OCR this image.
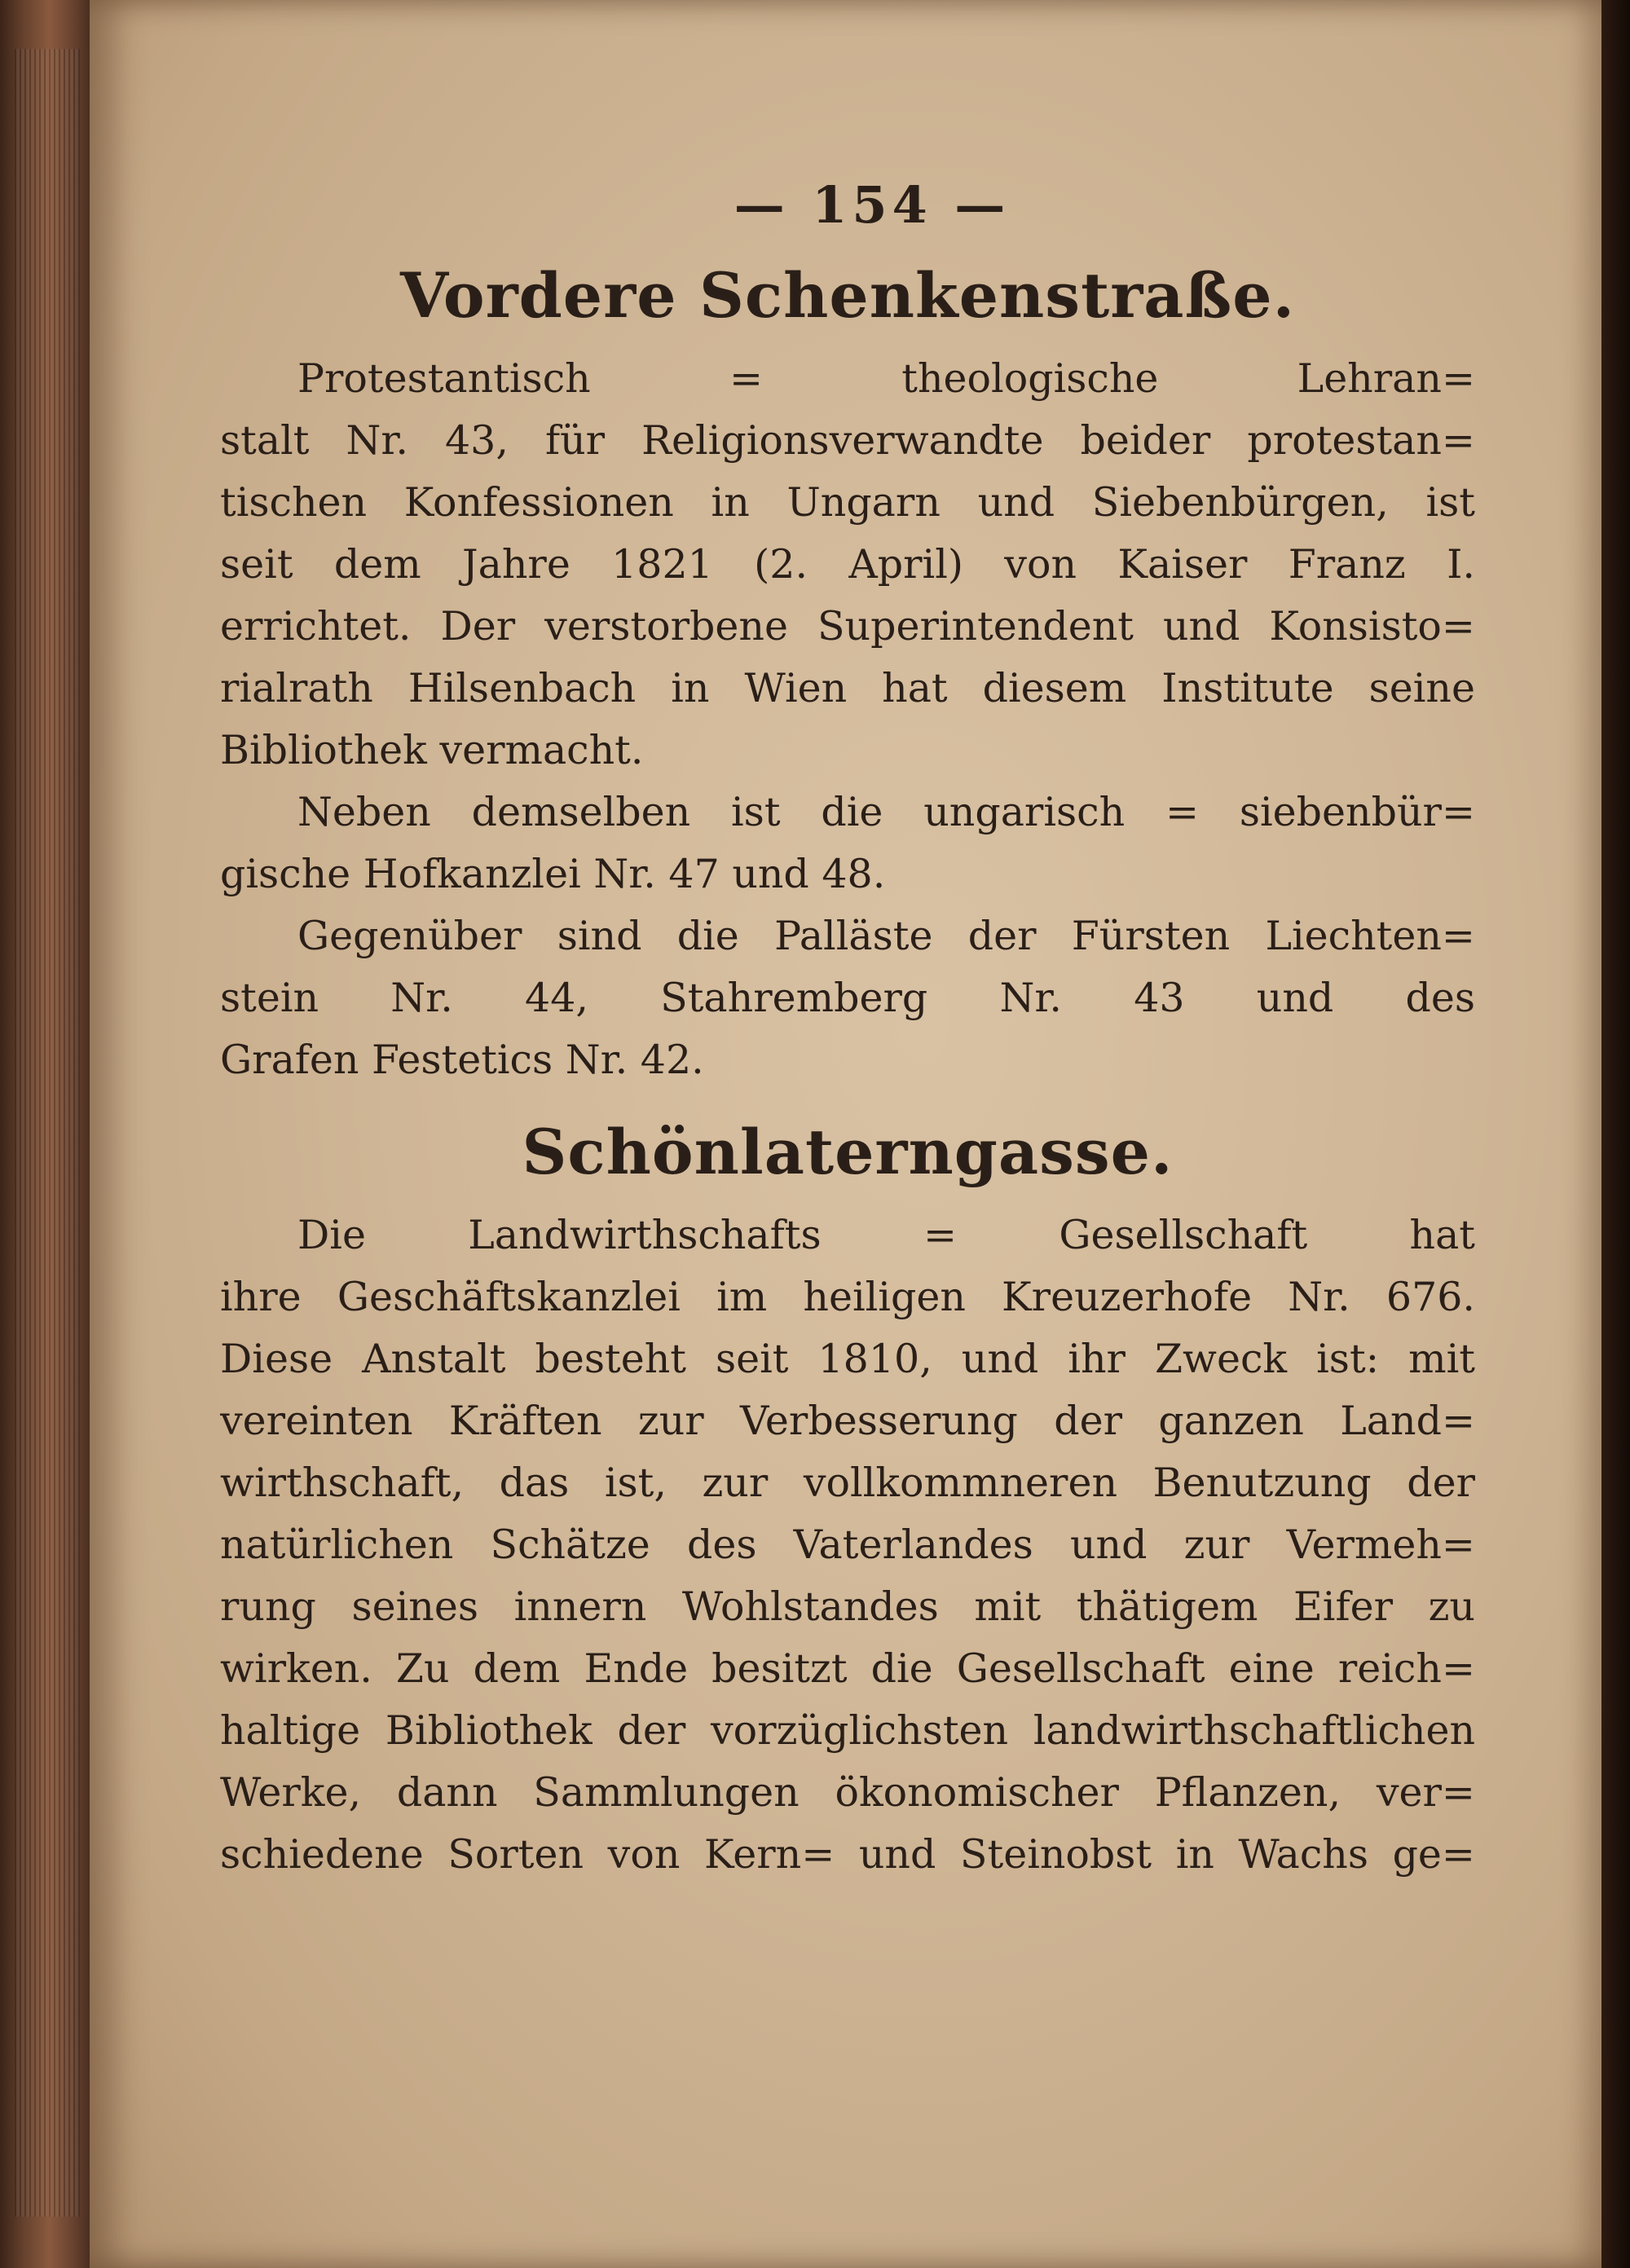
— 154 —
Vordere Schenkenstraße.
Protestantisch = theologische Lehran=
stalt Nr. 43, für Religionsverwandte beider protestan=
tischen Konfessionen in Ungarn und Siebenbürgen, ist
seit dem Jahre 1821 (2. April) von Kaiser Franz I.
errichtet. Der verstorbene Superintendent und Konsisto=
rialrath Hilsenbach in Wien hat diesem Institute seine
Bibliothek vermacht.
Neben demselben ist die ungarisch = siebenbür=
gische Hofkanzlei Nr. 47 und 48.
Gegenüber sind die Palläste der Fürsten Liechten=
stein Nr. 44, Stahremberg Nr. 43 und des
Grafen Festetics Nr. 42.
Schönlaterngasse.
Die Landwirthschafts = Gesellschaft hat
ihre Geschäftskanzlei im heiligen Kreuzerhofe Nr. 676.
Diese Anstalt besteht seit 1810, und ihr Zweck ist: mit
vereinten Kräften zur Verbesserung der ganzen Land=
wirthschaft, das ist, zur vollkommneren Benutzung der
natürlichen Schätze des Vaterlandes und zur Vermeh=
rung seines innern Wohlstandes mit thätigem Eifer zu
wirken. Zu dem Ende besitzt die Gesellschaft eine reich=
haltige Bibliothek der vorzüglichsten landwirthschaftlichen
Werke, dann Sammlungen ökonomischer Pflanzen, ver=
schiedene Sorten von Kern= und Steinobst in Wachs ge=
